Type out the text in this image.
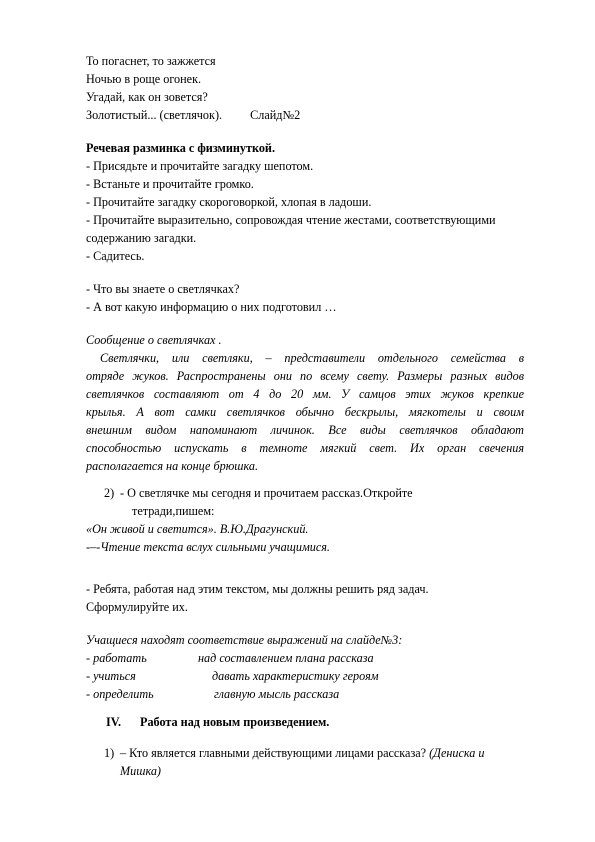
То погаснет, то зажжется
Ночью в роще огонек.
Угадай, как он зовется?
Золотистый... (светлячок). Слайд№2
Речевая разминка с физминуткой.
- Присядьте и прочитайте загадку шепотом.
- Встаньте и прочитайте громко.
- Прочитайте загадку скороговоркой, хлопая в ладоши.
- Прочитайте выразительно, сопровождая чтение жестами, соответствующими
содержанию загадки.
- Садитесь.
- Что вы знаете о светлячках?
- А вот какую информацию о них подготовил …
Сообщение о светлячках .
Светлячки, или светляки, – представители отдельного семейства в
отряде жуков. Распространены они по всему свету. Размеры разных видов
светлячков составляют от 4 до 20 мм. У самцов этих жуков крепкие
крылья. А вот самки светлячков обычно бескрылы, мягкотелы и своим
внешним видом напоминают личинок. Все виды светлячков обладают
способностью испускать в темноте мягкий свет. Их орган свечения
располагается на конце брюшка.
2) - О светлячке мы сегодня и прочитаем рассказ.Откройте
тетради,пишем:
«Он живой и светится». В.Ю.Драгунский.
-–-Чтение текста вслух сильными учащимися.
- Ребята, работая над этим текстом, мы должны решить ряд задач.
Сформулируйте их.
Учащиеся находят соответствие выражений на слайде№3:
- работать	над составлением плана рассказа
- учиться	давать характеристику героям
- определить	главную мысль рассказа
IV. Работа над новым произведением.
1) – Кто является главными действующими лицами рассказа? (Дениска и
Мишка)
